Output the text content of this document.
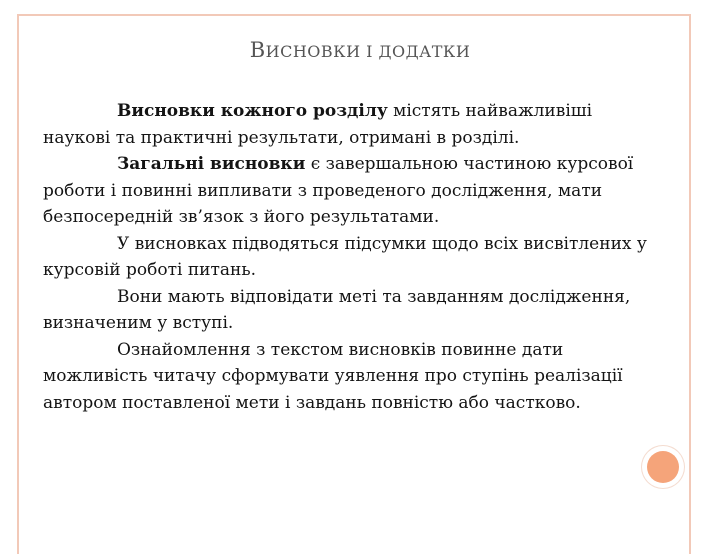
ВИСНОВКИ І ДОДАТКИ

Висновки кожного розділу містять найважливіші наукові та практичні результати, отримані в розділі.

Загальні висновки є завершальною частиною курсової роботи і повинні випливати з проведеного дослідження, мати безпосередній зв’язок з його результатами.

У висновках підводяться підсумки щодо всіх висвітлених у курсовій роботі питань.

Вони мають відповідати меті та завданням дослідження, визначеним у вступі.

Ознайомлення з текстом висновків повинне дати можливість читачу сформувати уявлення про ступінь реалізації автором поставленої мети і завдань повністю або частково.
